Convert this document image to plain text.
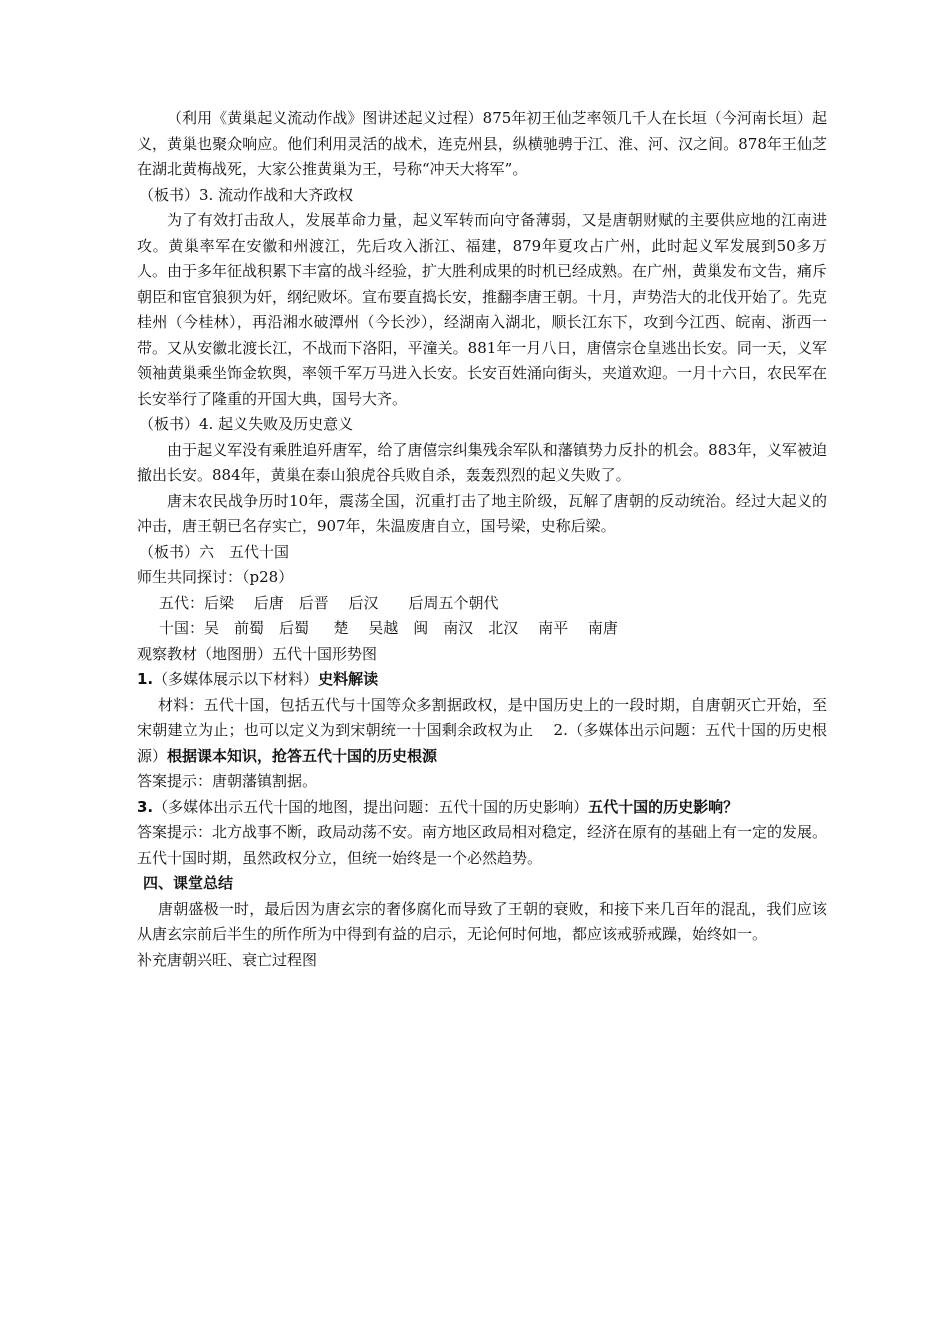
（利用《黄巢起义流动作战》图讲述起义过程）875年初王仙芝率领几千人在长垣（今河南长垣）起义，黄巢也聚众响应。他们利用灵活的战术，连克州县，纵横驰骋于江、淮、河、汉之间。878年王仙芝在湖北黄梅战死，大家公推黄巢为王，号称“冲天大将军”。

（板书）3. 流动作战和大齐政权

为了有效打击敌人，发展革命力量，起义军转而向守备薄弱，又是唐朝财赋的主要供应地的江南进攻。黄巢率军在安徽和州渡江，先后攻入浙江、福建，879年夏攻占广州，此时起义军发展到50多万人。由于多年征战积累下丰富的战斗经验，扩大胜利成果的时机已经成熟。在广州，黄巢发布文告，痛斥朝臣和宦官狼狈为奸，纲纪败坏。宣布要直捣长安，推翻李唐王朝。十月，声势浩大的北伐开始了。先克桂州（今桂林），再沿湘水破潭州（今长沙），经湖南入湖北，顺长江东下，攻到今江西、皖南、浙西一带。又从安徽北渡长江，不战而下洛阳，平潼关。881年一月八日，唐僖宗仓皇逃出长安。同一天，义军领袖黄巢乘坐饰金软舆，率领千军万马进入长安。长安百姓涌向街头，夹道欢迎。一月十六日，农民军在长安举行了隆重的开国大典，国号大齐。

（板书）4. 起义失败及历史意义

由于起义军没有乘胜追歼唐军，给了唐僖宗纠集残余军队和藩镇势力反扑的机会。883年，义军被迫撤出长安。884年，黄巢在泰山狼虎谷兵败自杀，轰轰烈烈的起义失败了。

唐末农民战争历时10年，震荡全国，沉重打击了地主阶级，瓦解了唐朝的反动统治。经过大起义的冲击，唐王朝已名存实亡，907年，朱温废唐自立，国号梁，史称后梁。

（板书）六　五代十国

师生共同探讨：（p28）

五代：后梁　 后唐　后晋　 后汉　　后周五个朝代

十国：吴　前蜀　后蜀　  楚　 吴越　闽　南汉　北汉　 南平　 南唐

观察教材（地图册）五代十国形势图

1.（多媒体展示以下材料）史料解读

材料：五代十国，包括五代与十国等众多割据政权，是中国历史上的一段时期，自唐朝灭亡开始，至宋朝建立为止；也可以定义为到宋朝统一十国剩余政权为止　 2.（多媒体出示问题：五代十国的历史根源）根据课本知识，抢答五代十国的历史根源

答案提示：唐朝藩镇割据。

3.（多媒体出示五代十国的地图，提出问题：五代十国的历史影响）五代十国的历史影响？

答案提示：北方战事不断，政局动荡不安。南方地区政局相对稳定，经济在原有的基础上有一定的发展。五代十国时期，虽然政权分立，但统一始终是一个必然趋势。

四、课堂总结

唐朝盛极一时，最后因为唐玄宗的奢侈腐化而导致了王朝的衰败，和接下来几百年的混乱，我们应该从唐玄宗前后半生的所作所为中得到有益的启示，无论何时何地，都应该戒骄戒躁，始终如一。

补充唐朝兴旺、衰亡过程图
